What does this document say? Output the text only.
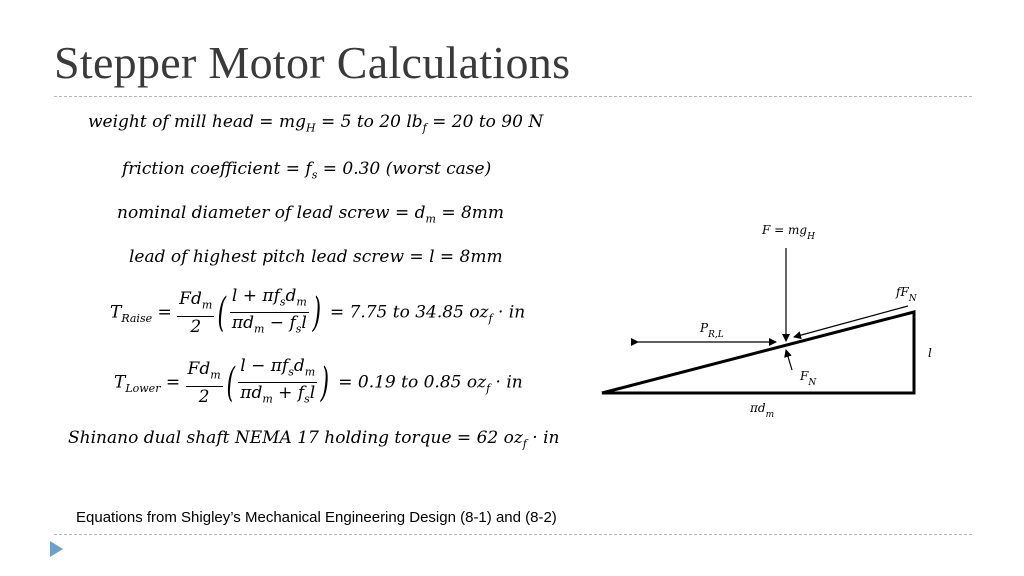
Stepper Motor Calculations
weight of mill head = $mg_H = 5$ to 20 $lb_f = 20$ to 90 N
friction coefficient = $f_s = 0.30$ (worst case)
nominal diameter of lead screw = $d_m = 8mm$
lead of highest pitch lead screw = l = 8mm
$T_{Raise} = \frac{Fd_m}{2}$ ( $\frac{l + \pi f_sd_m}{\pi d_m - f_sl}$ ) = 7.75 to 34.85 $oz_f$ · in
$T_{Lower} = \frac{Fd_m}{2}$ ( $\frac{l - \pi f_sd_m}{\pi d_m + f_sl}$ ) = 0.19 to 0.85 $oz_f$ · in
Shinano dual shaft NEMA 17 holding torque = 62 $oz_f$ · in
$F = mg_H$
$fF_N$
$P_{R,L}$
$F_N$
l
$\pi d_m$
Equations from Shigley’s Mechanical Engineering Design (8-1) and (8-2)
